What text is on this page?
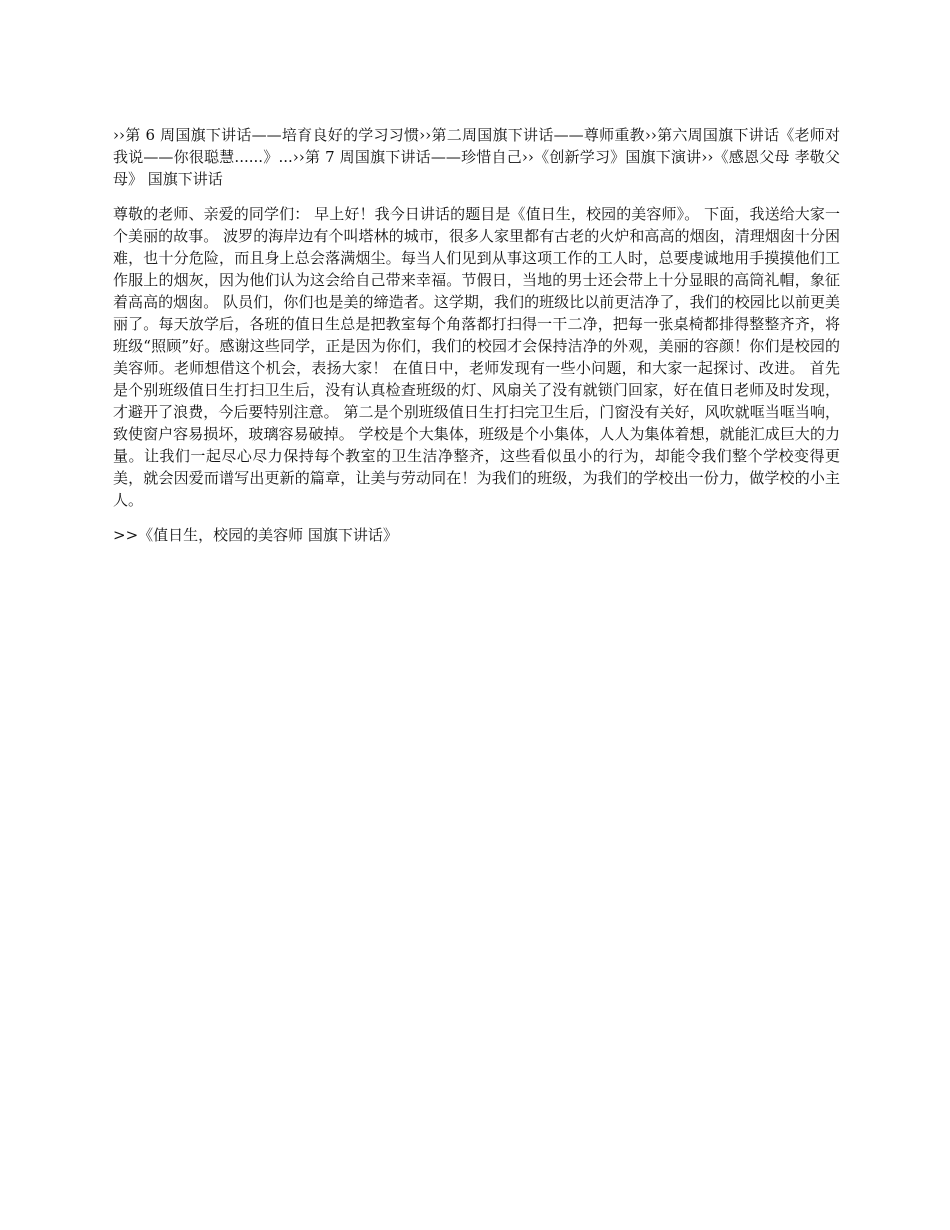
››第 6 周国旗下讲话——培育良好的学习习惯››第二周国旗下讲话——尊师重教››第六周国旗下讲话《老师对我说——你很聪慧......》...››第 7 周国旗下讲话——珍惜自己››《创新学习》国旗下演讲››《感恩父母 孝敬父母》 国旗下讲话

尊敬的老师、亲爱的同学们： 早上好！我今日讲话的题目是《值日生，校园的美容师》。 下面，我送给大家一个美丽的故事。 波罗的海岸边有个叫塔林的城市，很多人家里都有古老的火炉和高高的烟囱，清理烟囱十分困难，也十分危险，而且身上总会落满烟尘。每当人们见到从事这项工作的工人时，总要虔诚地用手摸摸他们工作服上的烟灰，因为他们认为这会给自己带来幸福。节假日，当地的男士还会带上十分显眼的高筒礼帽，象征着高高的烟囱。 队员们，你们也是美的缔造者。这学期，我们的班级比以前更洁净了，我们的校园比以前更美丽了。每天放学后，各班的值日生总是把教室每个角落都打扫得一干二净，把每一张桌椅都排得整整齐齐，将班级“照顾”好。感谢这些同学，正是因为你们，我们的校园才会保持洁净的外观，美丽的容颜！你们是校园的美容师。老师想借这个机会，表扬大家！ 在值日中，老师发现有一些小问题，和大家一起探讨、改进。 首先是个别班级值日生打扫卫生后，没有认真检查班级的灯、风扇关了没有就锁门回家，好在值日老师及时发现，才避开了浪费，今后要特别注意。 第二是个别班级值日生打扫完卫生后，门窗没有关好，风吹就哐当哐当响，致使窗户容易损坏，玻璃容易破掉。 学校是个大集体，班级是个小集体，人人为集体着想，就能汇成巨大的力量。让我们一起尽心尽力保持每个教室的卫生洁净整齐，这些看似虽小的行为，却能令我们整个学校变得更美，就会因爱而谱写出更新的篇章，让美与劳动同在！为我们的班级，为我们的学校出一份力，做学校的小主人。

>>《值日生，校园的美容师 国旗下讲话》
